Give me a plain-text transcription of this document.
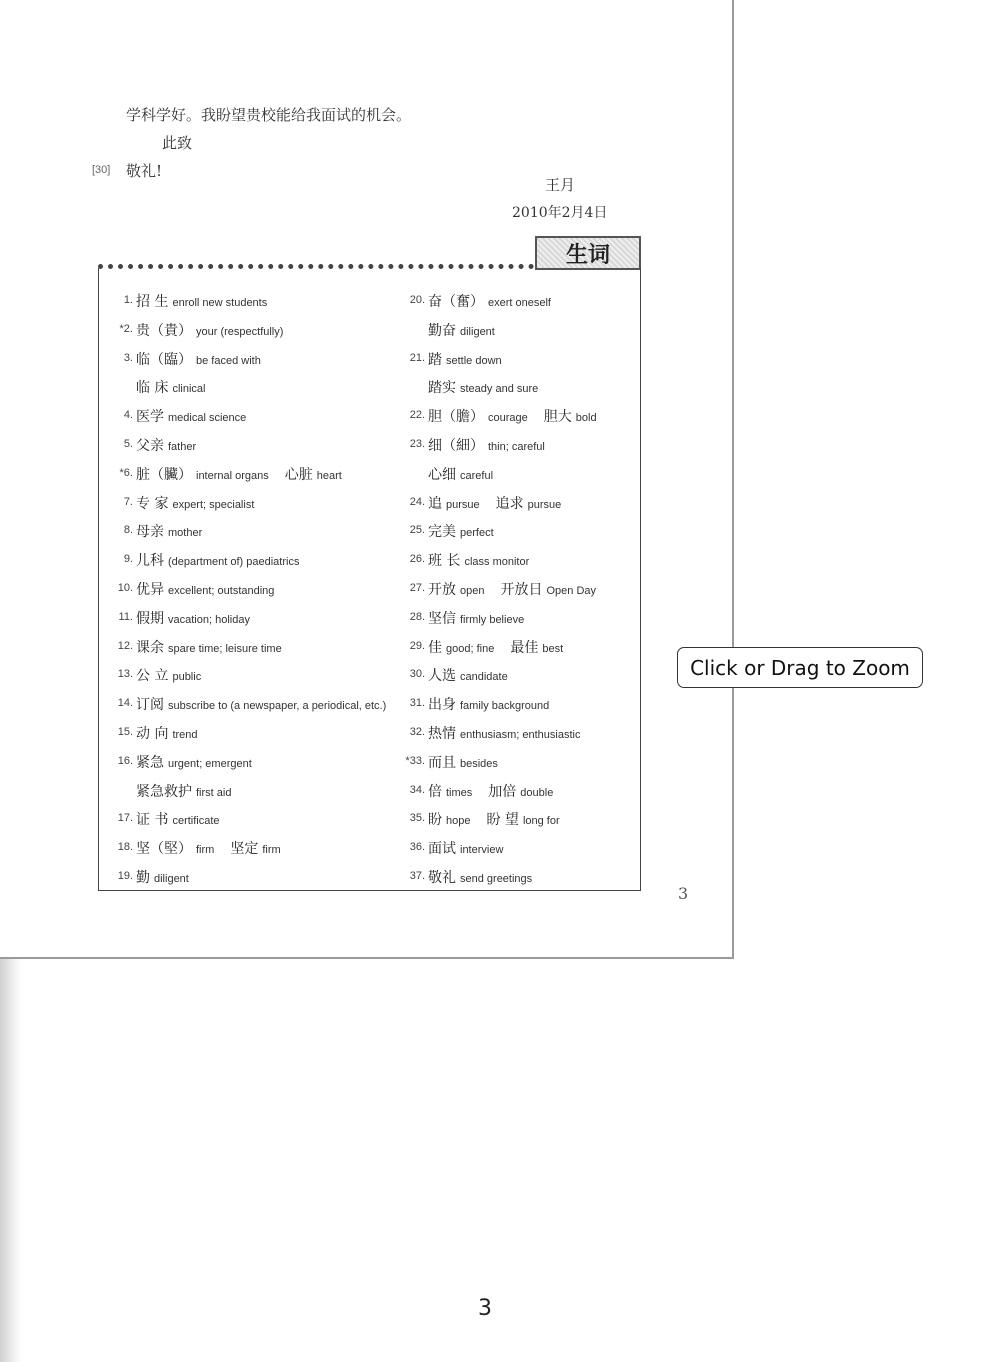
学科学好。我盼望贵校能给我面试的机会。
此致
[30] 敬礼!
王月
2010年2月4日
生词
1. 招 生 enroll new students
*2. 贵（貴） your (respectfully)
3. 临（臨） be faced with
临 床 clinical
4. 医学 medical science
5. 父亲 father
*6. 脏（臟） internal organs 心脏 heart
7. 专 家 expert; specialist
8. 母亲 mother
9. 儿科 (department of) paediatrics
10. 优异 excellent; outstanding
11. 假期 vacation; holiday
12. 课余 spare time; leisure time
13. 公 立 public
14. 订阅 subscribe to (a newspaper, a periodical, etc.)
15. 动 向 trend
16. 紧急 urgent; emergent
紧急救护 first aid
17. 证 书 certificate
18. 坚（堅） firm 坚定 firm
19. 勤 diligent
20. 奋（奮） exert oneself
勤奋 diligent
21. 踏 settle down
踏实 steady and sure
22. 胆（膽） courage 胆大 bold
23. 细（細） thin; careful
心细 careful
24. 追 pursue 追求 pursue
25. 完美 perfect
26. 班 长 class monitor
27. 开放 open 开放日 Open Day
28. 坚信 firmly believe
29. 佳 good; fine 最佳 best
30. 人选 candidate
31. 出身 family background
32. 热情 enthusiasm; enthusiastic
*33. 而且 besides
34. 倍 times 加倍 double
35. 盼 hope 盼 望 long for
36. 面试 interview
37. 敬礼 send greetings
3
Click or Drag to Zoom
3
